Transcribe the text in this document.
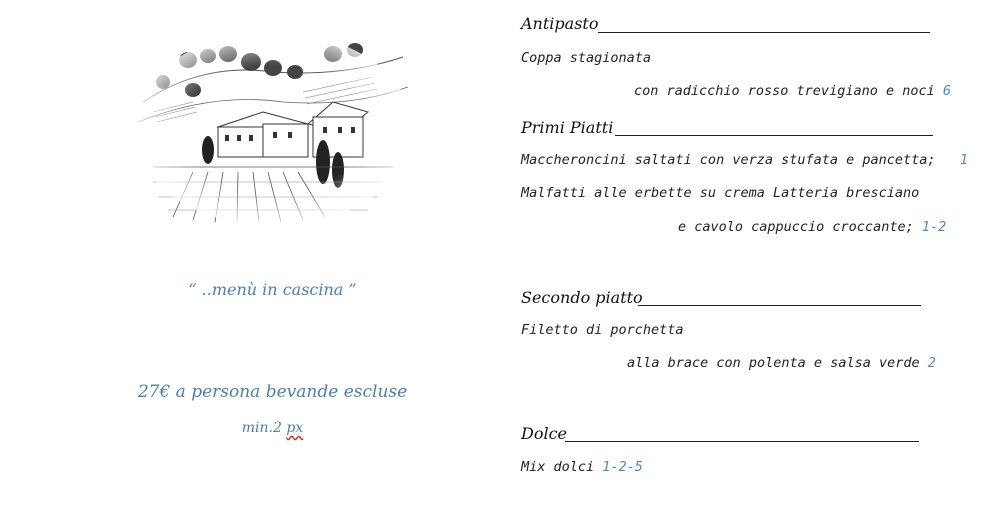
“ ..menù in cascina ”
27€ a persona bevande escluse
min.2 px
Antipasto
Coppa stagionata
con radicchio rosso trevigiano e noci 6
Primi Piatti
Maccheroncini saltati con verza stufata e pancetta; 1
Malfatti alle erbette su crema Latteria bresciano
e cavolo cappuccio croccante; 1-2
Secondo piatto
Filetto di porchetta
alla brace con polenta e salsa verde 2
Dolce
Mix dolci 1-2-5
